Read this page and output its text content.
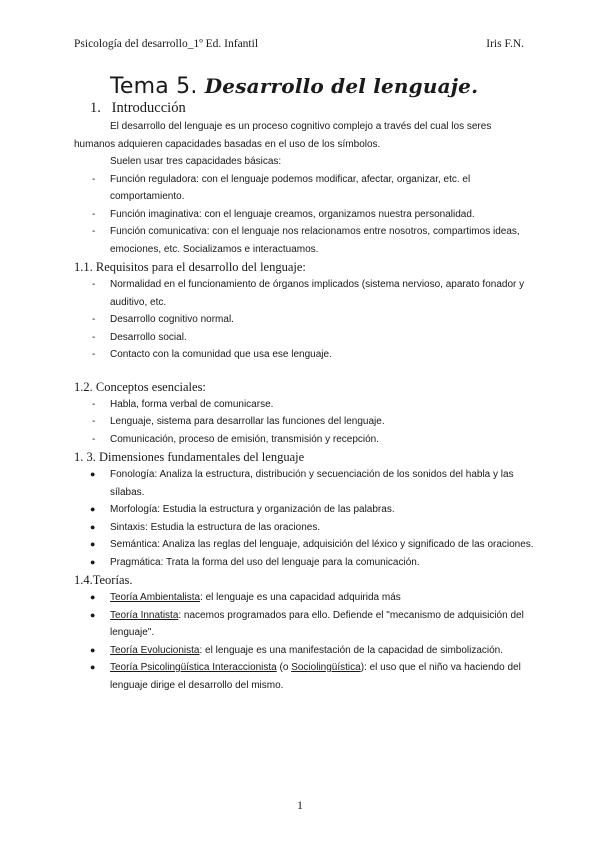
Psicología del desarrollo_1º Ed. Infantil	Iris F.N.
Tema 5. Desarrollo del lenguaje.
1. Introducción

El desarrollo del lenguaje es un proceso cognitivo complejo a través del cual los seres humanos adquieren capacidades basadas en el uso de los símbolos.

Suelen usar tres capacidades básicas:

- Función reguladora: con el lenguaje podemos modificar, afectar, organizar, etc. el comportamiento.
- Función imaginativa: con el lenguaje creamos, organizamos nuestra personalidad.
- Función comunicativa: con el lenguaje nos relacionamos entre nosotros, compartimos ideas, emociones, etc. Socializamos e interactuamos.
1.1. Requisitos para el desarrollo del lenguaje:
- Normalidad en el funcionamiento de órganos implicados (sistema nervioso, aparato fonador y auditivo, etc.
- Desarrollo cognitivo normal.
- Desarrollo social.
- Contacto con la comunidad que usa ese lenguaje.
1.2. Conceptos esenciales:
- Habla, forma verbal de comunicarse.
- Lenguaje, sistema para desarrollar las funciones del lenguaje.
- Comunicación, proceso de emisión, transmisión y recepción.
1. 3. Dimensiones fundamentales del lenguaje
● Fonología: Analiza la estructura, distribución y secuenciación de los sonidos del habla y las sílabas.
● Morfología: Estudia la estructura y organización de las palabras.
● Sintaxis: Estudia la estructura de las oraciones.
● Semántica: Analiza las reglas del lenguaje, adquisición del léxico y significado de las oraciones.
● Pragmática: Trata la forma del uso del lenguaje para la comunicación.
1.4.Teorías.
● Teoría Ambientalista: el lenguaje es una capacidad adquirida más
● Teoría Innatista: nacemos programados para ello. Defiende el "mecanismo de adquisición del lenguaje".
● Teoría Evolucionista: el lenguaje es una manifestación de la capacidad de simbolización.
● Teoría Psicolingüística Interaccionista (o Sociolingüística): el uso que el niño va haciendo del lenguaje dirige el desarrollo del mismo.
1
